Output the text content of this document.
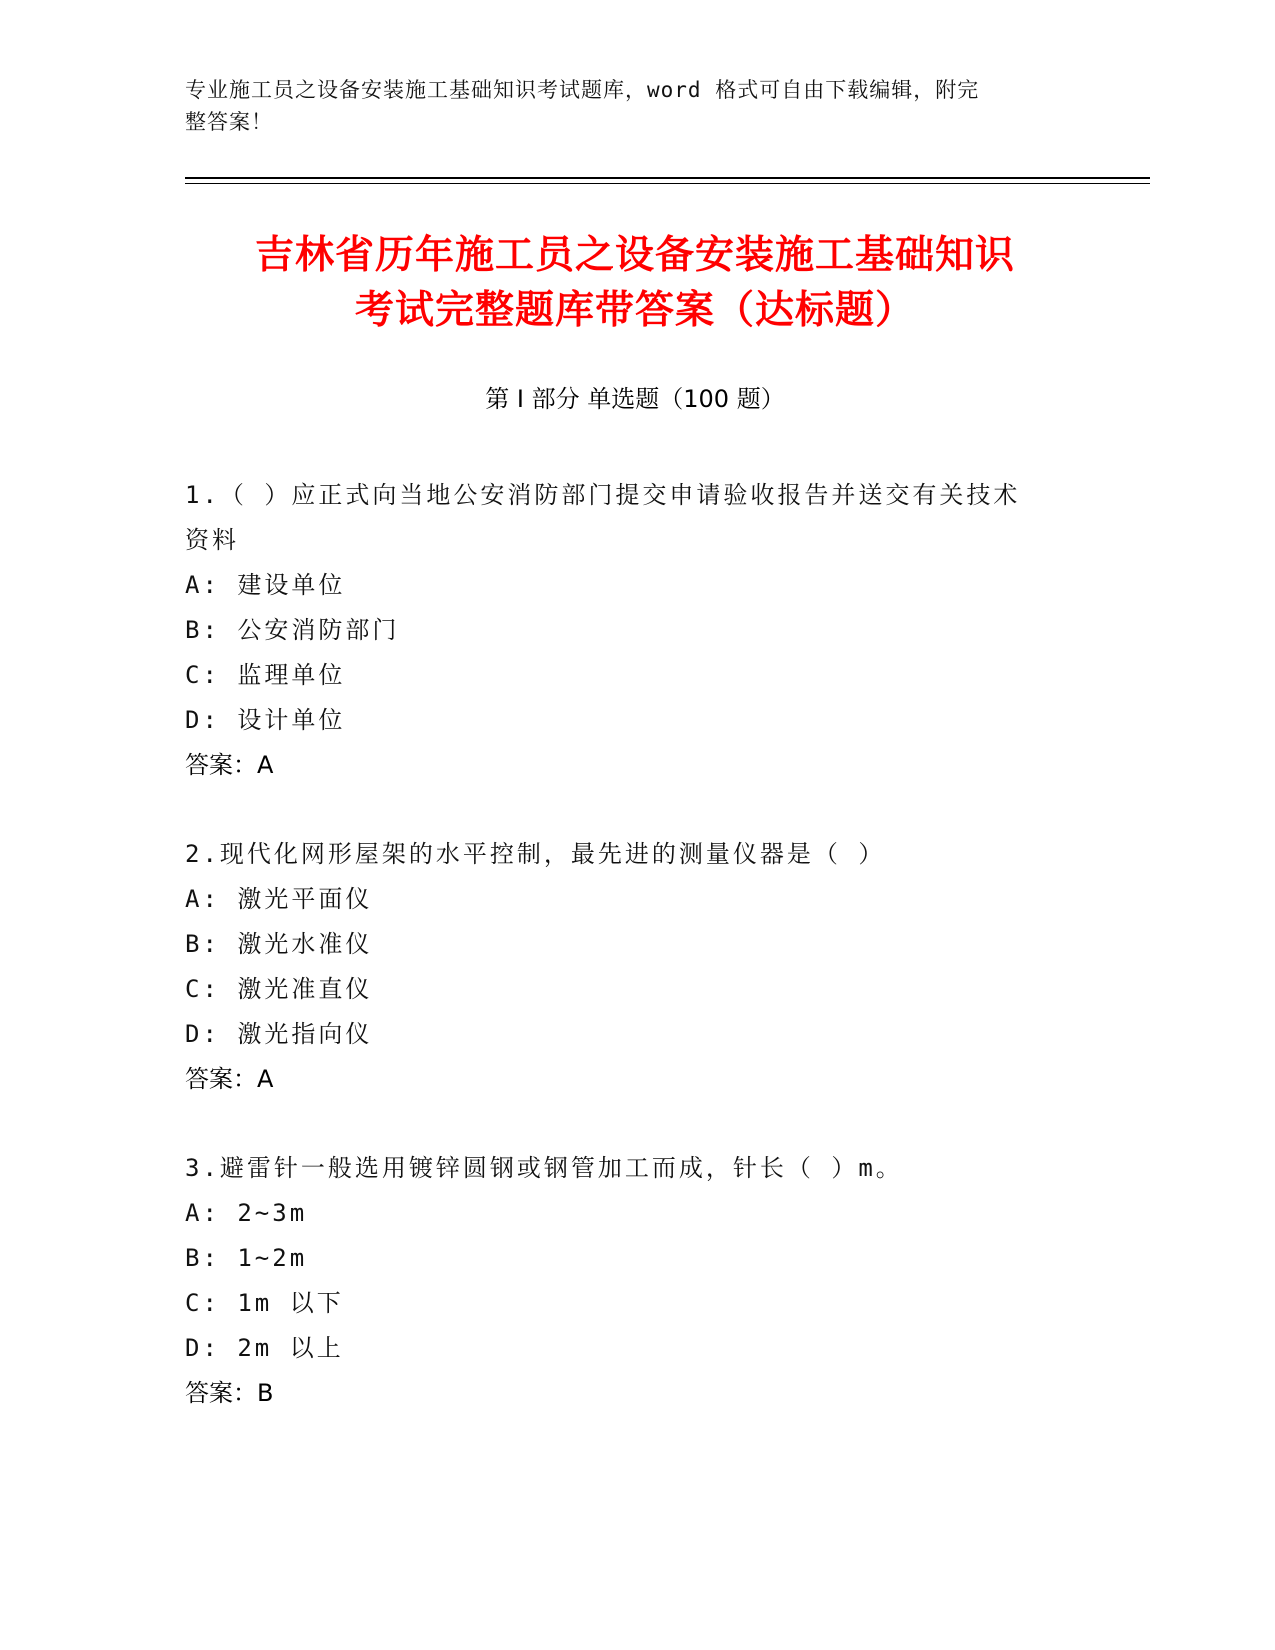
专业施工员之设备安装施工基础知识考试题库，word 格式可自由下载编辑，附完
整答案！
吉林省历年施工员之设备安装施工基础知识
考试完整题库带答案（达标题）
第 I 部分 单选题（100 题）
1.（ ）应正式向当地公安消防部门提交申请验收报告并送交有关技术
资料
A: 建设单位
B: 公安消防部门
C: 监理单位
D: 设计单位
答案：A
2.现代化网形屋架的水平控制，最先进的测量仪器是（ ）
A: 激光平面仪
B: 激光水准仪
C: 激光准直仪
D: 激光指向仪
答案：A
3.避雷针一般选用镀锌圆钢或钢管加工而成，针长（ ）m。
A: 2~3m
B: 1~2m
C: 1m 以下
D: 2m 以上
答案：B
